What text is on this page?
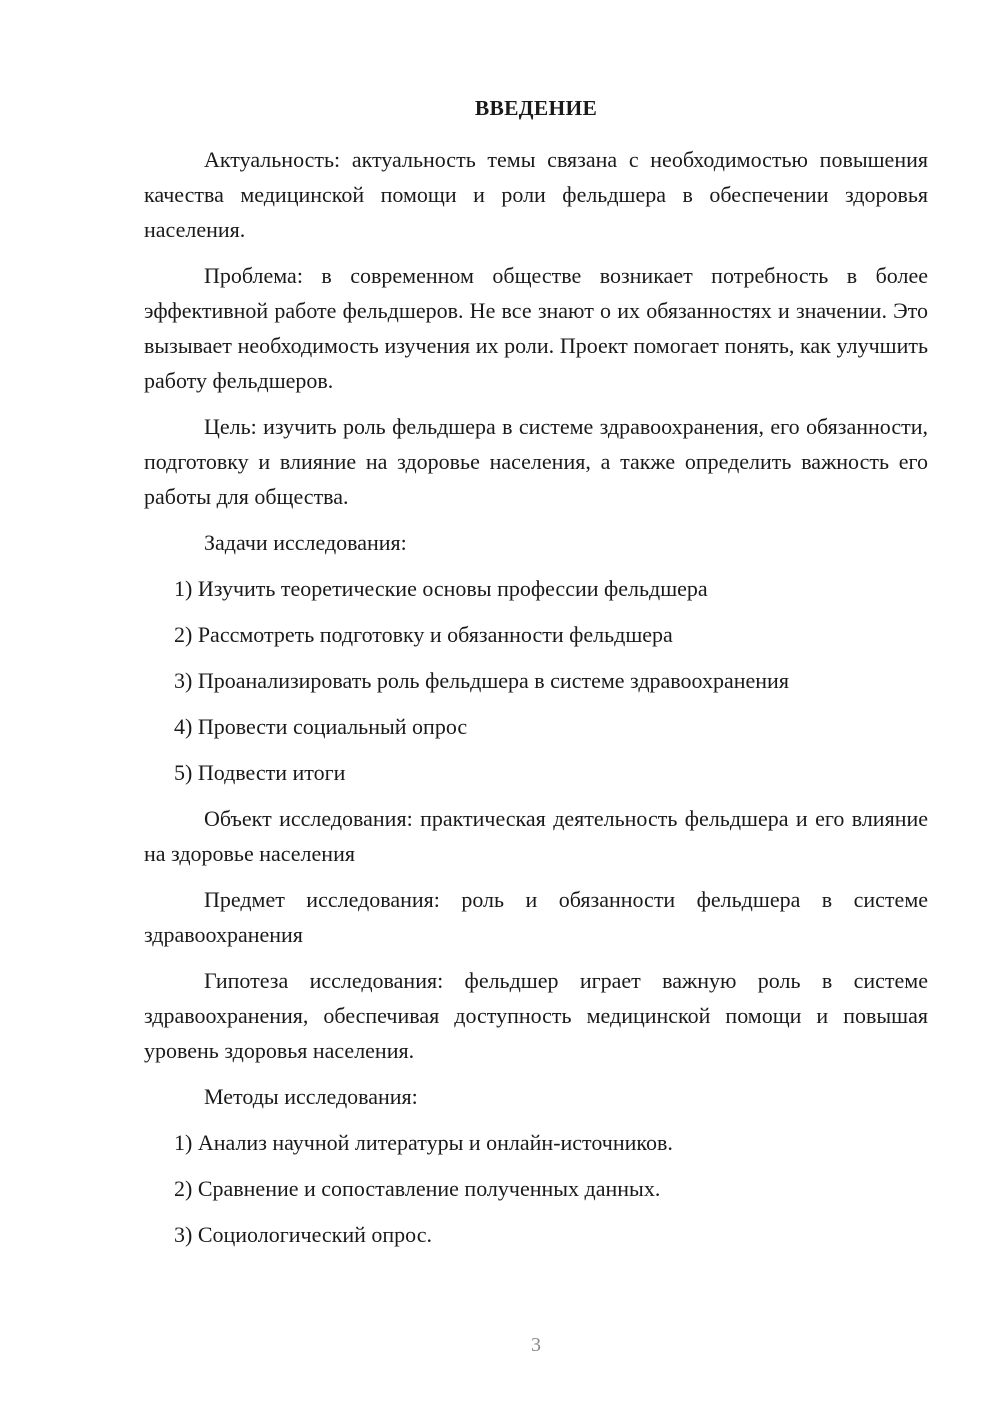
ВВЕДЕНИЕ

Актуальность: актуальность темы связана с необходимостью повышения качества медицинской помощи и роли фельдшера в обеспечении здоровья населения.

Проблема: в современном обществе возникает потребность в более эффективной работе фельдшеров. Не все знают о их обязанностях и значении. Это вызывает необходимость изучения их роли. Проект помогает понять, как улучшить работу фельдшеров.

Цель: изучить роль фельдшера в системе здравоохранения, его обязанности, подготовку и влияние на здоровье населения, а также определить важность его работы для общества.

Задачи исследования:

1) Изучить теоретические основы профессии фельдшера
2) Рассмотреть подготовку и обязанности фельдшера
3) Проанализировать роль фельдшера в системе здравоохранения
4) Провести социальный опрос
5) Подвести итоги

Объект исследования: практическая деятельность фельдшера и его влияние на здоровье населения

Предмет исследования: роль и обязанности фельдшера в системе здравоохранения

Гипотеза исследования: фельдшер играет важную роль в системе здравоохранения, обеспечивая доступность медицинской помощи и повышая уровень здоровья населения.

Методы исследования:

1) Анализ научной литературы и онлайн-источников.
2) Сравнение и сопоставление полученных данных.
3) Социологический опрос.
3
